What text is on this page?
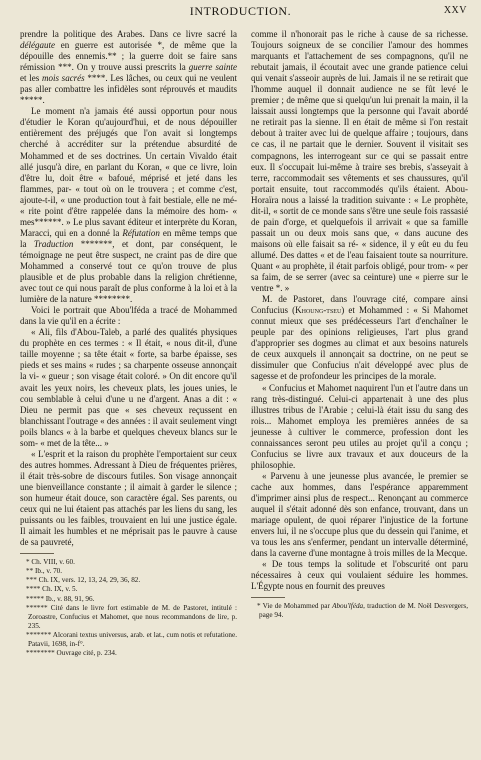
INTRODUCTION.	XXV

prendre la politique des Arabes. Dans ce livre sacré la délégaute en guerre est autorisée *, de même que la dépouille des ennemis.** ; la guerre doit se faire sans rémission ***. On y trouve aussi prescrits la guerre sainte et les mois sacrés ****. Les lâches, ou ceux qui ne veulent pas aller combattre les infidèles sont réprouvés et maudits *****.

Le moment n'a jamais été aussi opportun pour nous d'étudier le Koran qu'aujourd'hui, et de nous dépouiller entièrement des préjugés que l'on avait si longtemps cherché à accréditer sur la prétendue absurdité de Mohammed et de ses doctrines. Un certain Vivaldo était allé jusqu'à dire, en parlant du Koran, « que ce livre, loin d'être lu, doit être « bafoué, méprisé et jeté dans les flammes, par- « tout où on le trouvera ; et comme c'est, ajoute-t-il, « une production tout à fait bestiale, elle ne mé- « rite point d'être rappelée dans la mémoire des hom- « mes******. » Le plus savant éditeur et interprète du Koran, Maracci, qui en a donné la Réfutation en même temps que la Traduction *******, et dont, par conséquent, le témoignage ne peut être suspect, ne craint pas de dire que Mohammed a conservé tout ce qu'on trouve de plus plausible et de plus probable dans la religion chrétienne, avec tout ce qui nous paraît de plus conforme à la loi et à la lumière de la nature ********.

Voici le portrait que Abou'lféda a tracé de Mohammed dans la vie qu'il en a écrite :

« Ali, fils d'Abou-Taleb, a parlé des qualités physiques du prophète en ces termes : « Il était, « nous dit-il, d'une taille moyenne ; sa tête était « forte, sa barbe épaisse, ses pieds et ses mains « rudes ; sa charpente osseuse annonçait la vi- « gueur ; son visage était coloré. » On dit encore qu'il avait les yeux noirs, les cheveux plats, les joues unies, le cou semblable à celui d'une u ne d'argent. Anas a dit : « Dieu ne permit pas que « ses cheveux reçussent en blanchissant l'outrage « des années : il avait seulement vingt poils blancs « à la barbe et quelques cheveux blancs sur le som- « met de la tête... »

« L'esprit et la raison du prophète l'emportaient sur ceux des autres hommes. Adressant à Dieu de fréquentes prières, il était très-sobre de discours futiles. Son visage annonçait une bienveillance constante ; il aimait à garder le silence ; son humeur était douce, son caractère égal. Ses parents, ou ceux qui ne lui étaient pas attachés par les liens du sang, les puissants ou les faibles, trouvaient en lui une justice égale. Il aimait les humbles et ne méprisait pas le pauvre à cause de sa pauvreté,

* Ch. VIII, v. 60.
** Ib., v. 70.
*** Ch. IX, vers. 12, 13, 24, 29, 36, 82.
**** Ch. IX, v. 5.
***** Ib., v. 88, 91, 96.
****** Cité dans le livre fort estimable de M. de Pastoret, intitulé : Zoroastre, Confucius et Mahomet, que nous recommandons de lire, p. 235.
******* Alcorani textus universus, arab. et lat., cum notis et refutatione. Patavii, 1698, in-f°.
******** Ouvrage cité, p. 234.

comme il n'honorait pas le riche à cause de sa richesse. Toujours soigneux de se concilier l'amour des hommes marquants et l'attachement de ses compagnons, qu'il ne rebutait jamais, il écoutait avec une grande patience celui qui venait s'asseoir auprès de lui. Jamais il ne se retirait que l'homme auquel il donnait audience ne se fût levé le premier ; de même que si quelqu'un lui prenait la main, il la laissait aussi longtemps que la personne qui l'avait abordé ne retirait pas la sienne. Il en était de même si l'on restait debout à traiter avec lui de quelque affaire ; toujours, dans ce cas, il ne partait que le dernier. Souvent il visitait ses compagnons, les interrogeant sur ce qui se passait entre eux. Il s'occupait lui-même à traire ses brebis, s'asseyait à terre, raccommodait ses vêtements et ses chaussures, qu'il portait ensuite, tout raccommodés qu'ils étaient. Abou-Horaïra nous a laissé la tradition suivante : « Le prophète, dit-il, « sortit de ce monde sans s'être une seule fois rassasié de pain d'orge, et quelquefois il arrivait « que sa famille passait un ou deux mois sans que, « dans aucune des maisons où elle faisait sa ré- « sidence, il y eût eu du feu allumé. Des dattes « et de l'eau faisaient toute sa nourriture. Quant « au prophète, il était parfois obligé, pour trom- « per sa faim, de se serrer (avec sa ceinture) une « pierre sur le ventre *. »

M. de Pastoret, dans l'ouvrage cité, compare ainsi Confucius (Khoung-tseu) et Mohammed : « Si Mahomet connut mieux que ses prédécesseurs l'art d'enchaîner le peuple par des opinions religieuses, l'art plus grand d'approprier ses dogmes au climat et aux besoins naturels de ceux auxquels il annonçait sa doctrine, on ne peut se dissimuler que Confucius n'ait développé avec plus de sagesse et de profondeur les principes de la morale.

« Confucius et Mahomet naquirent l'un et l'autre dans un rang très-distingué. Celui-ci appartenait à une des plus illustres tribus de l'Arabie ; celui-là était issu du sang des rois... Mahomet employa les premières années de sa jeunesse à cultiver le commerce, profession dont les connaissances seront peu utiles au projet qu'il a conçu ; Confucius se livre aux travaux et aux douceurs de la philosophie.

« Parvenu à une jeunesse plus avancée, le premier se cache aux hommes, dans l'espérance apparemment d'imprimer ainsi plus de respect... Renonçant au commerce auquel il s'était adonné dès son enfance, trouvant, dans un mariage opulent, de quoi réparer l'injustice de la fortune envers lui, il ne s'occupe plus que du dessein qui l'anime, et va tous les ans s'enfermer, pendant un intervalle déterminé, dans la caverne d'une montagne à trois milles de la Mecque.

« De tous temps la solitude et l'obscurité ont paru nécessaires à ceux qui voulaient séduire les hommes. L'Égypte nous en fournit des preuves

* Vie de Mohammed par Abou'lféda, traduction de M. Noël Desvergers, page 94.
